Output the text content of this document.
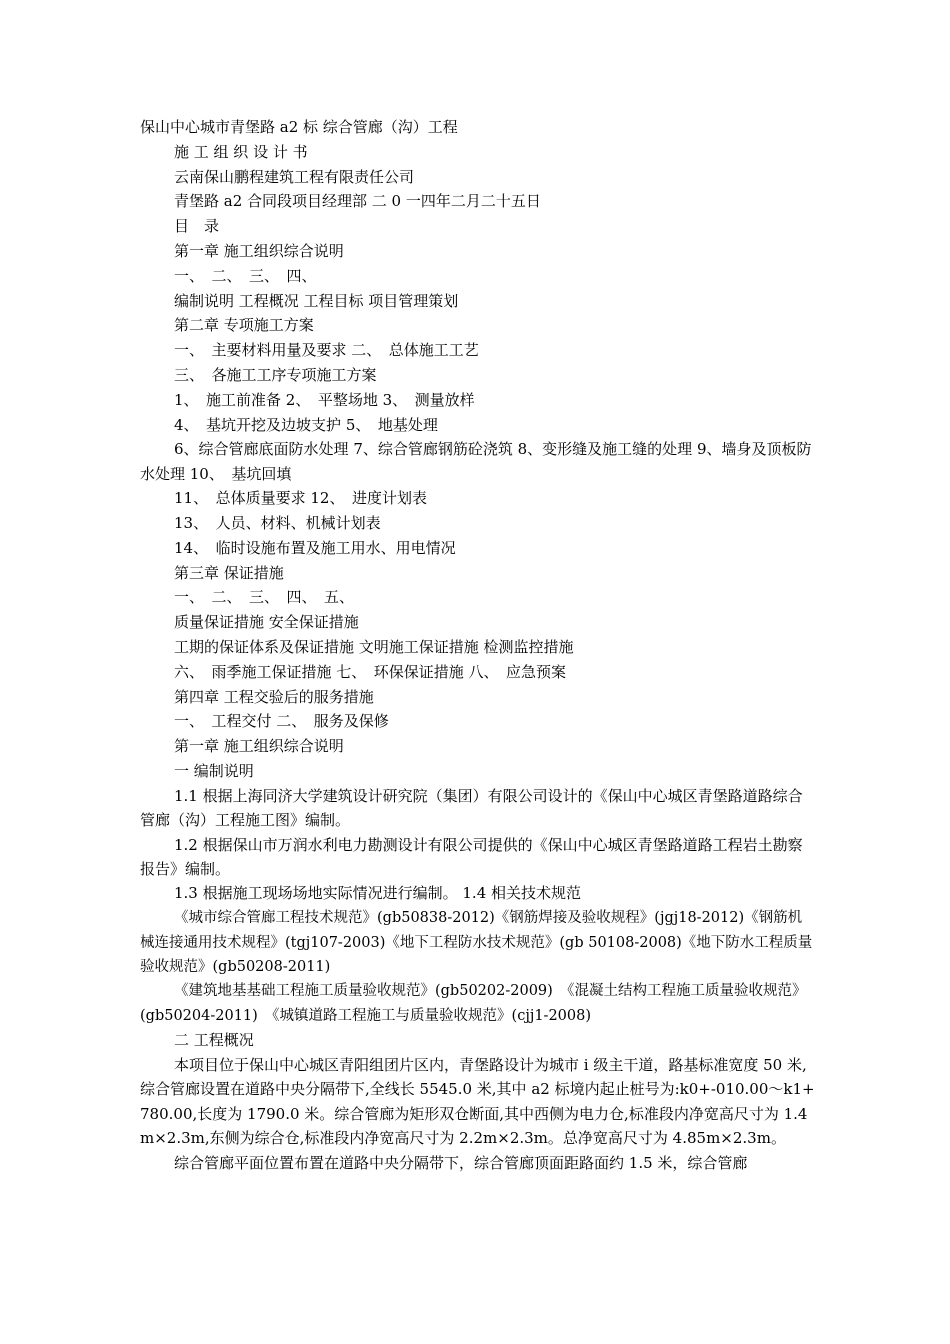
保山中心城市青堡路 a2 标 综合管廊（沟）工程
施 工 组 织 设 计 书
云南保山鹏程建筑工程有限责任公司
青堡路 a2 合同段项目经理部 二 0 一四年二月二十五日
目　录
第一章 施工组织综合说明
一、　二、　三、　四、
编制说明 工程概况 工程目标 项目管理策划
第二章 专项施工方案
一、　主要材料用量及要求 二、　总体施工工艺
三、　各施工工序专项施工方案
1、　施工前准备 2、　平整场地 3、　测量放样
4、　基坑开挖及边坡支护 5、　地基处理
6、综合管廊底面防水处理 7、综合管廊钢筋砼浇筑 8、变形缝及施工缝的处理 9、墙身及顶板防水处理 10、　基坑回填
11、　总体质量要求 12、　进度计划表
13、　人员、材料、机械计划表
14、　临时设施布置及施工用水、用电情况
第三章 保证措施
一、　二、　三、　四、　五、
质量保证措施 安全保证措施
工期的保证体系及保证措施 文明施工保证措施 检测监控措施
六、　雨季施工保证措施 七、　环保保证措施 八、　应急预案
第四章 工程交验后的服务措施
一、　工程交付 二、　服务及保修
第一章 施工组织综合说明
一 编制说明
1.1 根据上海同济大学建筑设计研究院（集团）有限公司设计的《保山中心城区青堡路道路综合管廊（沟）工程施工图》编制。
1.2 根据保山市万润水利电力勘测设计有限公司提供的《保山中心城区青堡路道路工程岩土勘察报告》编制。
1.3 根据施工现场场地实际情况进行编制。 1.4 相关技术规范
《城市综合管廊工程技术规范》(gb50838-2012)《钢筋焊接及验收规程》(jgj18-2012)《钢筋机械连接通用技术规程》(tgj107-2003)《地下工程防水技术规范》(gb 50108-2008)《地下防水工程质量验收规范》(gb50208-2011)
《建筑地基基础工程施工质量验收规范》(gb50202-2009)　《混凝土结构工程施工质量验收规范》(gb50204-2011)　《城镇道路工程施工与质量验收规范》(cjj1-2008)
二 工程概况
本项目位于保山中心城区青阳组团片区内，青堡路设计为城市 i 级主干道，路基标准宽度 50 米,综合管廊设置在道路中央分隔带下,全线长 5545.0 米,其中 a2 标境内起止桩号为:k0+-010.00～k1+780.00,长度为 1790.0 米。综合管廊为矩形双仓断面,其中西侧为电力仓,标准段内净宽高尺寸为 1.4m×2.3m,东侧为综合仓,标准段内净宽高尺寸为 2.2m×2.3m。总净宽高尺寸为 4.85m×2.3m。
综合管廊平面位置布置在道路中央分隔带下，综合管廊顶面距路面约 1.5 米，综合管廊
